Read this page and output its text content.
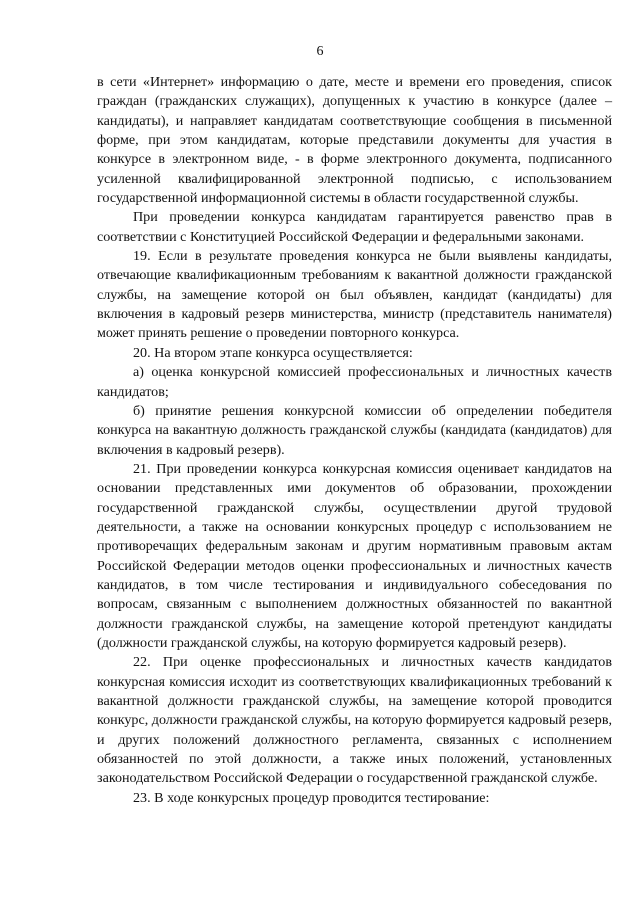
6

в сети «Интернет» информацию о дате, месте и времени его проведения, список граждан (гражданских служащих), допущенных к участию в конкурсе (далее – кандидаты), и направляет кандидатам соответствующие сообщения в письменной форме, при этом кандидатам, которые представили документы для участия в конкурсе в электронном виде, - в форме электронного документа, подписанного усиленной квалифицированной электронной подписью, с использованием государственной информационной системы в области государственной службы.

При проведении конкурса кандидатам гарантируется равенство прав в соответствии с Конституцией Российской Федерации и федеральными законами.

19. Если в результате проведения конкурса не были выявлены кандидаты, отвечающие квалификационным требованиям к вакантной должности гражданской службы, на замещение которой он был объявлен, кандидат (кандидаты) для включения в кадровый резерв министерства, министр (представитель нанимателя) может принять решение о проведении повторного конкурса.

20. На втором этапе конкурса осуществляется:

а) оценка конкурсной комиссией профессиональных и личностных качеств кандидатов;

б) принятие решения конкурсной комиссии об определении победителя конкурса на вакантную должность гражданской службы (кандидата (кандидатов) для включения в кадровый резерв).

21. При проведении конкурса конкурсная комиссия оценивает кандидатов на основании представленных ими документов об образовании, прохождении государственной гражданской службы, осуществлении другой трудовой деятельности, а также на основании конкурсных процедур с использованием не противоречащих федеральным законам и другим нормативным правовым актам Российской Федерации методов оценки профессиональных и личностных качеств кандидатов, в том числе тестирования и индивидуального собеседования по вопросам, связанным с выполнением должностных обязанностей по вакантной должности гражданской службы, на замещение которой претендуют кандидаты (должности гражданской службы, на которую формируется кадровый резерв).

22. При оценке профессиональных и личностных качеств кандидатов конкурсная комиссия исходит из соответствующих квалификационных требований к вакантной должности гражданской службы, на замещение которой проводится конкурс, должности гражданской службы, на которую формируется кадровый резерв, и других положений должностного регламента, связанных с исполнением обязанностей по этой должности, а также иных положений, установленных законодательством Российской Федерации о государственной гражданской службе.

23. В ходе конкурсных процедур проводится тестирование:
